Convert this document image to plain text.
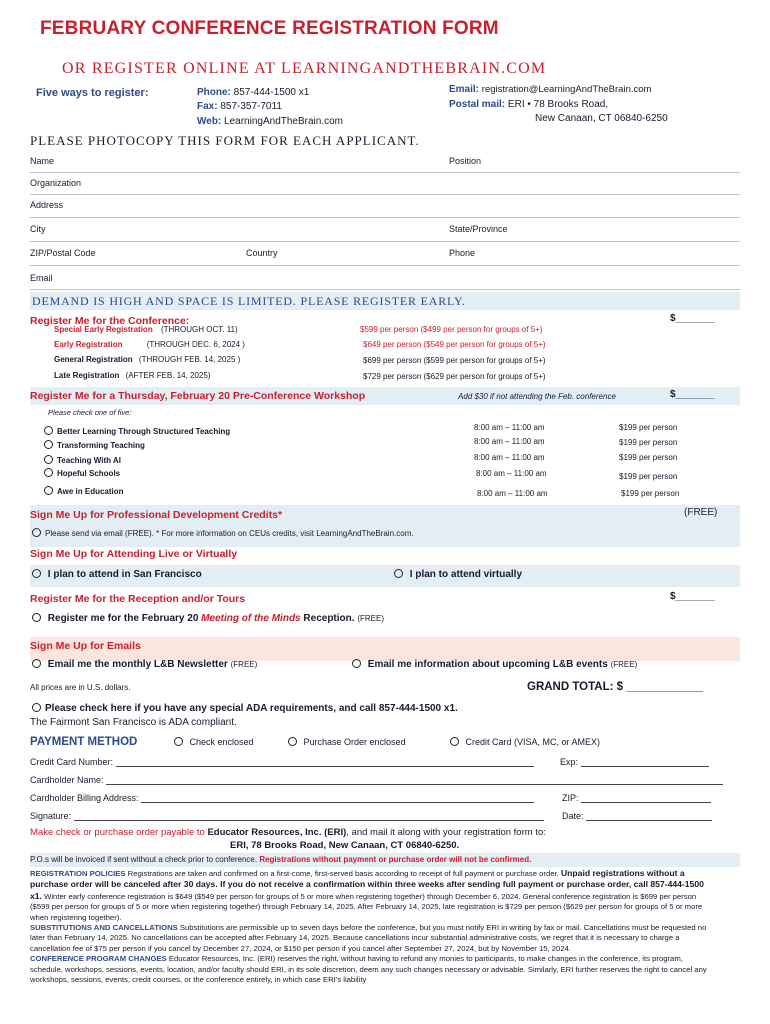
FEBRUARY CONFERENCE REGISTRATION FORM
OR REGISTER ONLINE AT LEARNINGANDTHEBRAIN.COM
Five ways to register:	Phone: 857-444-1500 x1
Fax: 857-357-7011
Web: LearningAndTheBrain.com
Email: registration@LearningAndTheBrain.com
Postal mail: ERI • 78 Brooks Road,
New Canaan, CT 06840-6250
PLEASE PHOTOCOPY THIS FORM FOR EACH APPLICANT.
Name	Position
Organization
Address
City	State/Province
ZIP/Postal Code	Country	Phone
Email
DEMAND IS HIGH AND SPACE IS LIMITED. PLEASE REGISTER EARLY.
Register Me for the Conference:	$_______
Special Early Registration (THROUGH OCT. 11)	$599 per person ($499 per person for groups of 5+)
Early Registration	(THROUGH DEC. 6, 2024 )	$649 per person ($549 per person for groups of 5+)
General Registration (THROUGH FEB. 14, 2025 )	$699 per person ($599 per person for groups of 5+)
Late Registration (AFTER FEB. 14, 2025)	$729 per person ($629 per person for groups of 5+)
Register Me for a Thursday, February 20 Pre-Conference Workshop	Add $30 if not attending the Feb. conference	$_______
Please check one of five:
Better Learning Through Structured Teaching	8:00 am – 11:00 am	$199 per person
Transforming Teaching	8:00 am – 11:00 am	$199 per person
Teaching With AI	8:00 am – 11:00 am	$199 per person
Hopeful Schools	8:00 am – 11:00 am	$199 per person
Awe in Education	8:00 am – 11:00 am	$199 per person
Sign Me Up for Professional Development Credits*	(FREE)
Please send via email (FREE). * For more information on CEUs credits, visit LearningAndTheBrain.com.
Sign Me Up for Attending Live or Virtually
I plan to attend in San Francisco	I plan to attend virtually
Register Me for the Reception and/or Tours	$_______
Register me for the February 20 Meeting of the Minds Reception. (FREE)
Sign Me Up for Emails
Email me the monthly L&B Newsletter (FREE)	Email me information about upcoming L&B events (FREE)
All prices are in U.S. dollars.	GRAND TOTAL: $ ____________
Please check here if you have any special ADA requirements, and call 857-444-1500 x1.
The Fairmont San Francisco is ADA compliant.
PAYMENT METHOD	Check enclosed	Purchase Order enclosed	Credit Card (VISA, MC, or AMEX)
Credit Card Number:	Exp:
Cardholder Name:
Cardholder Billing Address:	ZIP:
Signature:	Date:
Make check or purchase order payable to Educator Resources, Inc. (ERI), and mail it along with your registration form to:
ERI, 78 Brooks Road, New Canaan, CT 06840-6250.
P.O.s will be invoiced if sent without a check prior to conference. Registrations without payment or purchase order will not be confirmed.
REGISTRATION POLICIES Registrations are taken and confirmed on a first-come, first-served basis according to receipt of full payment or purchase order. Unpaid registrations without a purchase order will be canceled after 30 days. If you do not receive a confirmation within three weeks after sending full payment or purchase order, call 857-444-1500 x1. Winter early conference registration is $649 ($549 per person for groups of 5 or more when registering together) through December 6, 2024. General conference registration is $699 per person ($599 per person for groups of 5 or more when registering together) through February 14, 2025. After February 14, 2025, late registration is $729 per person ($629 per person for groups of 5 or more when registering together).
SUBSTITUTIONS AND CANCELLATIONS Substitutions are permissible up to seven days before the conference, but you must notify ERI in writing by fax or mail. Cancellations must be requested no later than February 14, 2025. No cancellations can be accepted after February 14, 2025. Because cancellations incur substantial administrative costs, we regret that it is necessary to charge a cancellation fee of $75 per person if you cancel by December 27, 2024, or $150 per person if you cancel after September 27, 2024, but by November 15, 2024.
CONFERENCE PROGRAM CHANGES Educator Resources, Inc. (ERI) reserves the right, without having to refund any monies to participants, to make changes in the conference, its program, schedule, workshops, sessions, events, location, and/or faculty should ERI, in its sole discretion, deem any such changes necessary or advisable. Similarly, ERI further reserves the right to cancel any workshops, sessions, events, credit courses, or the conference entirely, in which case ERI's liability
